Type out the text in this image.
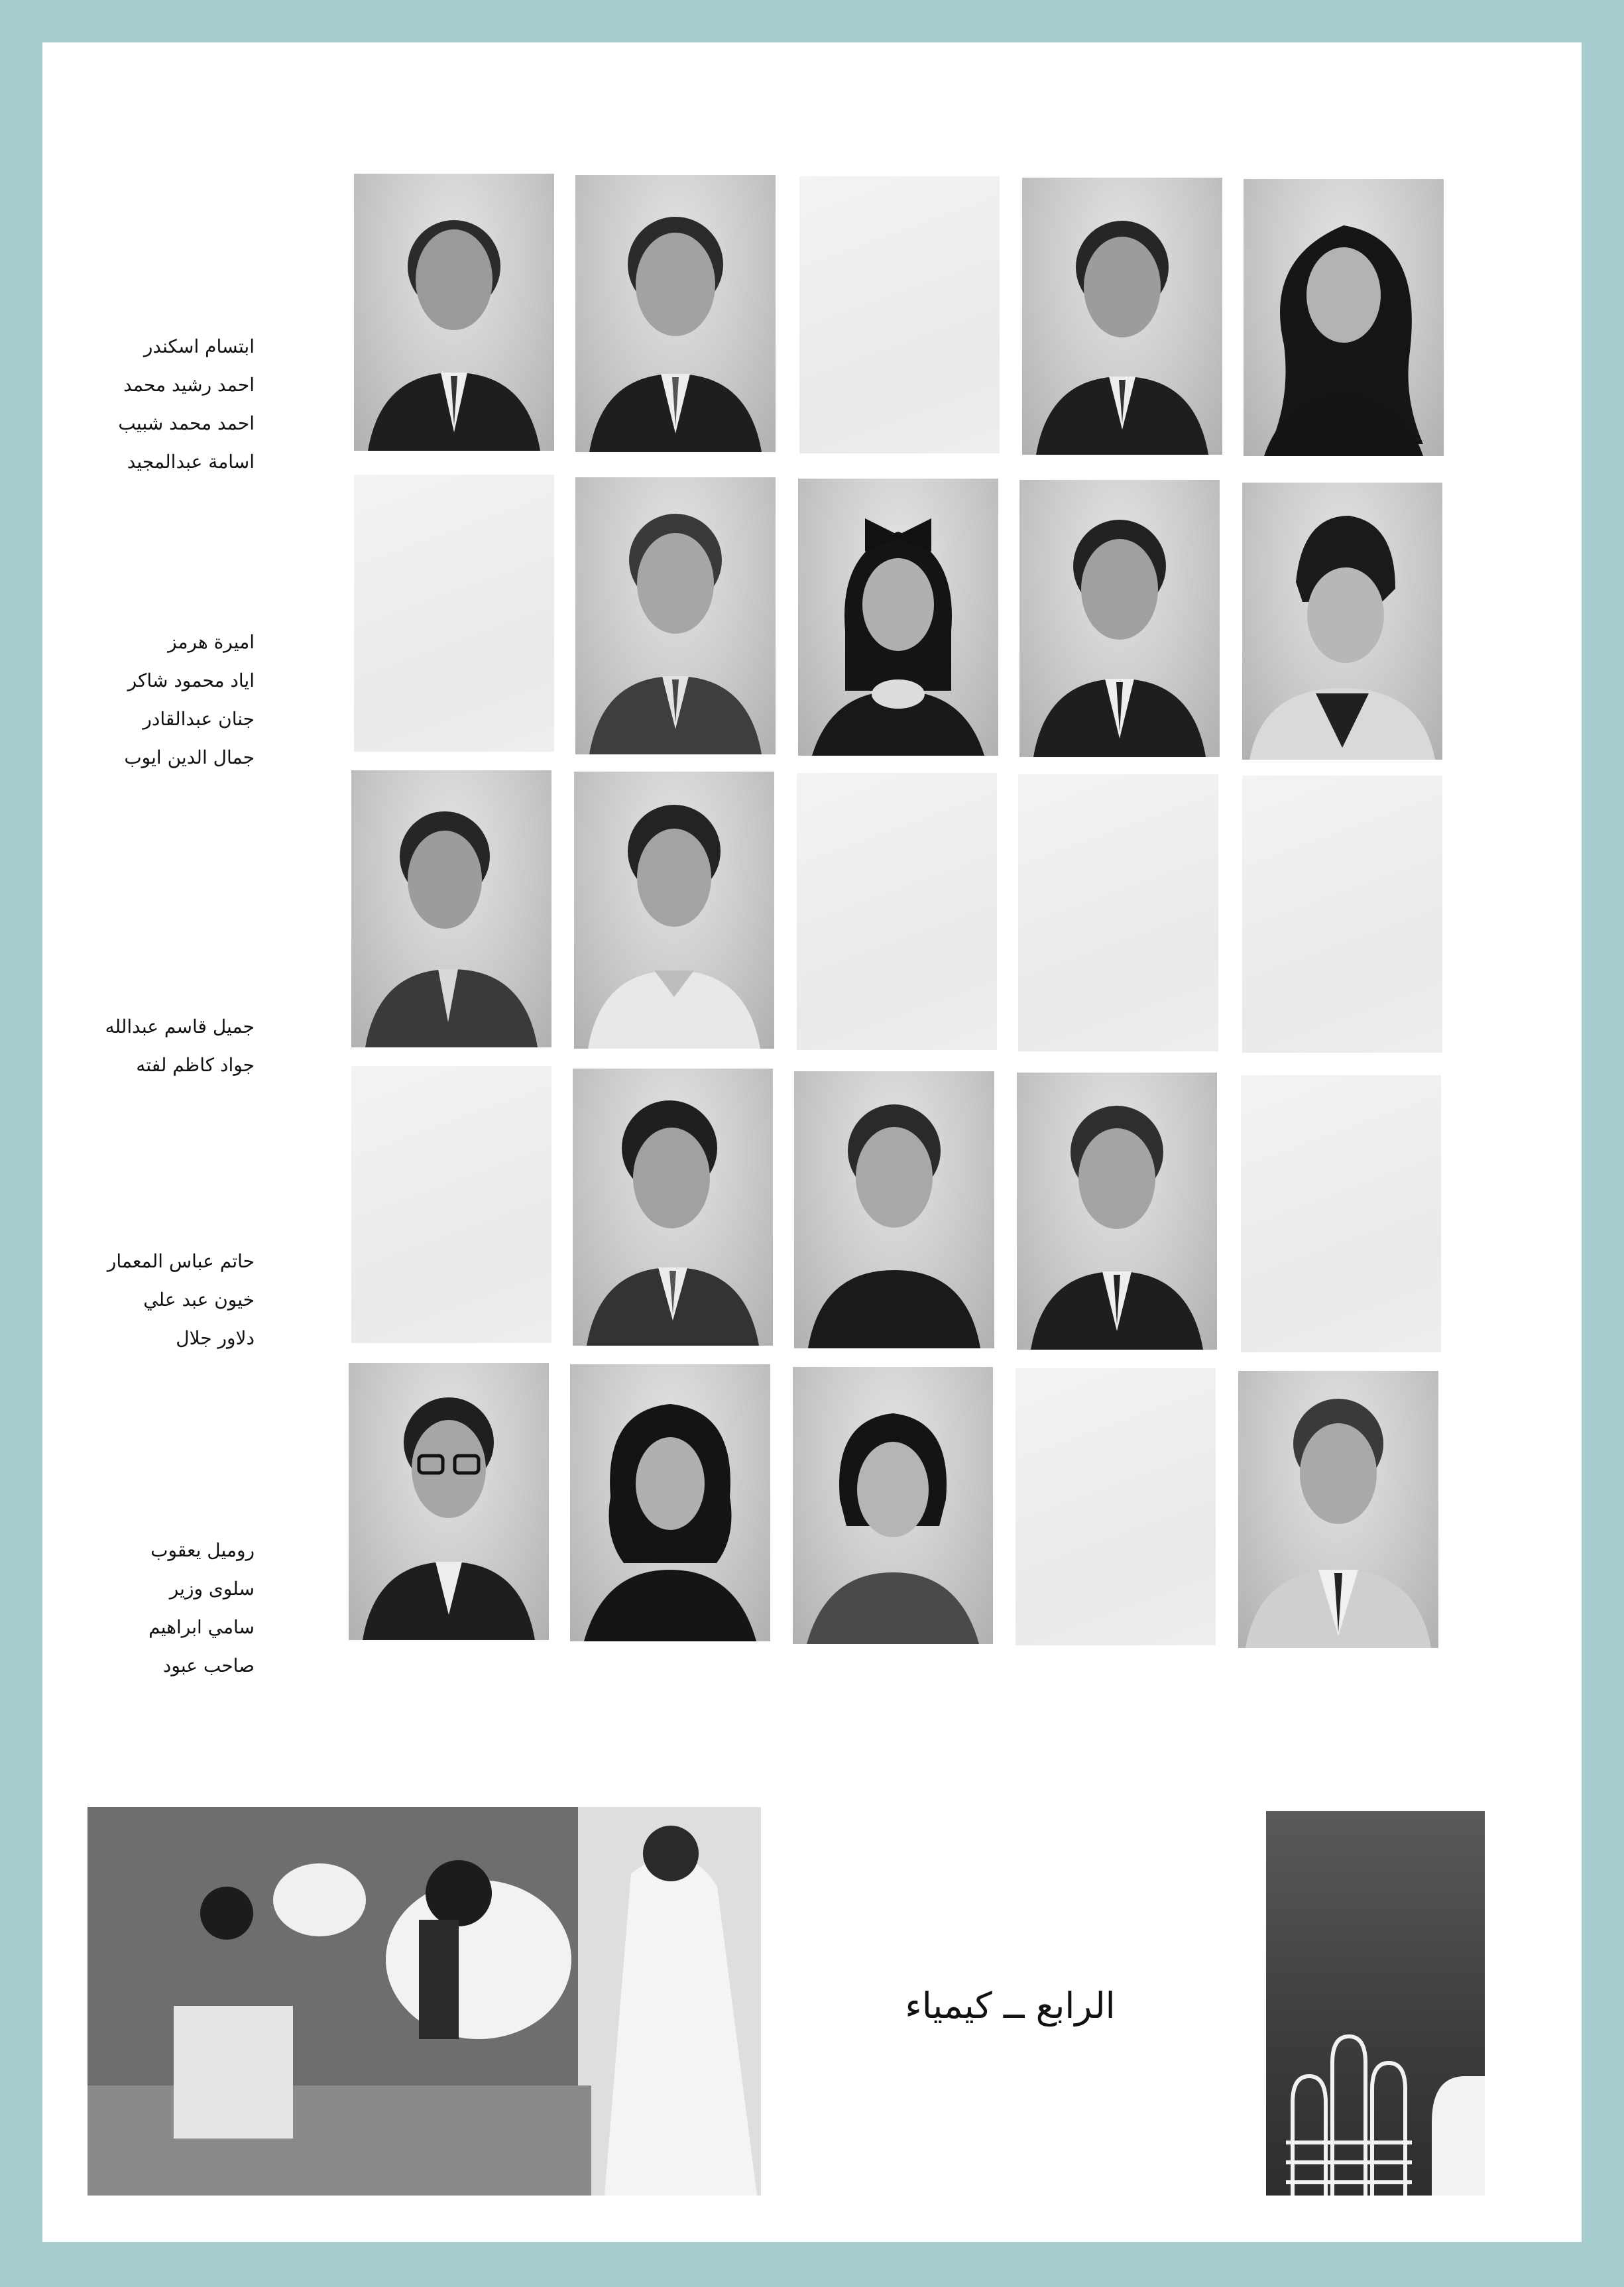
ابتسام اسكندر
احمد رشيد محمد
احمد محمد شبيب
اسامة عبدالمجيد
اميرة هرمز
اياد محمود شاكر
جنان عبدالقادر
جمال الدين ايوب
جميل قاسم عبدالله
جواد كاظم لفته
حاتم عباس المعمار
خيون عبد علي
دلاور جلال
روميل يعقوب
سلوى وزير
سامي ابراهيم
صاحب عبود
الرابع ــ كيمياء
